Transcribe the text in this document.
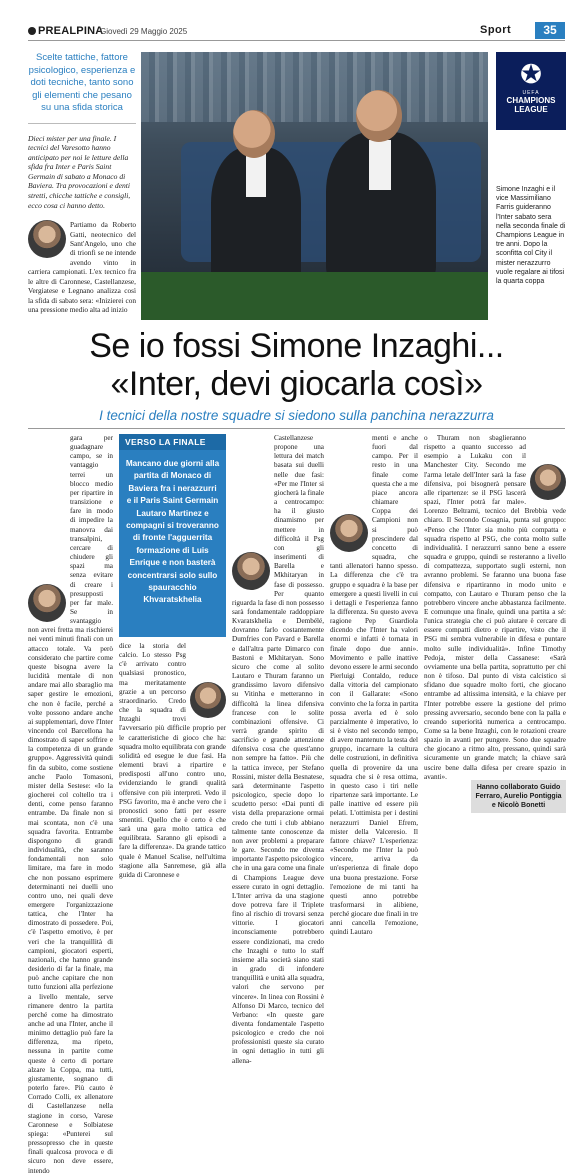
PREALPINA
Giovedì 29 Maggio 2025	Sport	35
Scelte tattiche, fattore psicologico, esperienza e doti tecniche, tanto sono gli elementi che pesano su una sfida storica
Dieci mister per una finale. I tecnici del Varesotto hanno anticipato per noi le letture della sfida fra Inter e Paris Saint Germain di sabato a Monaco di Baviera. Tra provocazioni e denti stretti, chicche tattiche e consigli, ecco cosa ci hanno detto.
Partiamo da Roberto Gatti, neotecnico del Sant'Angelo, uno che di trionfi se ne intende avendo vinto in carriera campionati. L'ex tecnico fra le altre di Caronnese, Castellanzese, Vergiatese e Legnano analizza così la sfida di sabato sera: «Inizierei con una pressione medio alta ad inizio
✪
UEFA
CHAMPIONS
LEAGUE
Simone Inzaghi e il vice Massimiliano Farris guideranno l'Inter sabato sera nella seconda finale di Champions League in tre anni. Dopo la sconfitta col City il mister nerazzurro vuole regalare ai tifosi la quarta coppa
Se io fossi Simone Inzaghi...
«Inter, devi giocarla così»
I tecnici della nostre squadre si siedono sulla panchina nerazzurra
gara per guadagnare campo, se in vantaggio terrei un blocco medio per ripartire in transizione e fare in modo di impedire la manovra dai transalpini, cercare di chiudere gli spazi ma senza evitare di creare i presupposti per far male. Se in svantaggio non avrei fretta ma rischierei nei venti minuti finali con un attacco totale. Va però considerato che partire come queste bisogna avere la lucidità mentale di non andare mai allo sbaraglio ma saper gestire le emozioni, che non è facile, perché a volte possono andare anche ai supplementari, dove l'Inter vincendo col Barcellona ha dimostrato di saper soffrire e la competenza di un grande gruppo». Aggressività quindi fin da subito, come sostiene anche Paolo Tomasoni, mister della Sestese: «Io la giocherei col coltello tra i denti, come penso faranno entrambe. Da finale non si mai scontata, non c'è una squadra favorita. Entrambe dispongono di grandi individualità, che saranno fondamentali non solo limitare, ma fare in modo che non possano esprimere determinanti nei duelli uno contro uno, nei quali deve emergere l'organizzazione tattica, che l'Inter ha dimostrato di possedere. Poi, c'è l'aspetto emotivo, è per veri che la tranquillità di campioni, giocatori esperti, nazionali, che hanno grande desiderio di far la finale, ma può anche capitare che non tutto funzioni alla perfezione a livello mentale, serve rimanere dentro la partita perché come ha dimostrato anche ad una l'Inter, anche il minimo dettaglio può fare la differenza, ma ripeto, nessuna in partite come queste è certo di portare alzare la Coppa, ma tutti, giustamente, sognano di poterlo fare». Più cauto è Corrado Colli, ex allenatore di Castellanzese nella stagione in corso, Varese Caronnese e Solbiatese spiega: «Punterei sul pressopresso che in queste finali qualcosa provoca e di sicuro non deve essere, intendo
VERSO LA FINALE
Mancano due giorni alla partita di Monaco di Baviera fra i nerazzurri e il Paris Saint Germain Lautaro Martinez e compagni si troveranno di fronte l'agguerrita formazione di Luis Enrique e non basterà concentrarsi solo sullo spauracchio Khvaratskhelia
dice la storia del calcio. Lo stesso Psg c'è arrivato contro qualsiasi pronostico, ma meritatamente grazie a un percorso straordinario. Credo che la squadra di Inzaghi trovi l'avversario più difficile proprio per le caratteristiche di gioco che ha: squadra molto equilibrata con grande solidità ed esegue le due fasi. Ha elementi bravi a ripartire e predisposti all'uno contro uno, evidenziando le grandi qualità offensive con più interpreti. Vedo il PSG favorito, ma è anche vero che i pronostici sono fatti per essere smentiti. Quello che è certo è che sarà una gara molto tattica ed equilibrata. Saranno gli episodi a fare la differenza». Da grande tattico quale è Manuel Scalise, nell'ultima stagione alla Sanremese, già alla guida di Caronnese e
Castellanzese propone una lettura dei match basata sui duelli nelle due fasi: «Per me l'Inter si giocherà la finale a centrocampo: ha il giusto dinamismo per mettere in difficoltà il Psg con gli inserimenti di Barella e Mkhitaryan in fase di possesso. Per quanto riguarda la fase di non possesso sarà fondamentale raddoppiare Kvaratskhelia e Dembélé, dovranno farlo costantemente Dumfries con Pavard e Barella e dall'altra parte Dimarco con Bastoni e Mkhitaryan. Sono sicuro che come al solito Lautaro e Thuram faranno un grandissimo lavoro difensivo su Vitinha e metteranno in difficoltà la linea difensiva francese con le solite combinazioni offensive. Ci verrà grande spirito di sacrificio e grande attenzione difensiva cosa che quest'anno non sempre ha fatto». Più che la tattica invece, per Stefano Rossini, mister della Besnatese, sarà determinante l'aspetto psicologico, specie dopo lo scudetto perso: «Dai punti di vista della preparazione ormai credo che tutti i club abbiano talmente tante conoscenze da non aver problemi a preparare le gare. Secondo me diventa importante l'aspetto psicologico che in una gara come una finale di Champions League deve essere curato in ogni dettaglio. L'Inter arriva da una stagione dove potreva fare il Triplete fino al rischio di trovarsi senza vittorie. I giocatori inconsciamente potrebbero essere condizionati, ma credo che Inzaghi e tutto lo staff insieme alla società siano stati in grado di infondere tranquillità e unità alla squadra, valori che servono per vincere». In linea con Rossini è Alfonso Di Marco, tecnico del Verbano: «In queste gare diventa fondamentale l'aspetto psicologico e credo che noi professionisti queste sia curato in ogni dettaglio in tutti gli allena-
menti e anche fuori dal campo. Per il resto in una finale come questa che a me piace ancora chiamare Coppa dei Campioni non si può prescindere dal concetto di squadra, che tanti allenatori hanno spesso. La differenza che c'è tra gruppo e squadra è la base per emergere a questi livelli in cui i dettagli e l'esperienza fanno la differenza. Su questo aveva ragione Pep Guardiola dicendo che l'Inter ha valori enormi e infatti è tornata in finale dopo due anni». Movimento e palle inattive devono essere le armi secondo Pierluigi Contaldo, reduce dalla vittoria del campionato con il Gallarate: «Sono convinto che la forza in partita possa averla ed è solo parzialmente è imperativo, lo si è visto nel secondo tempo, di avere mantenuto la testa del gruppo, incarnare la cultura delle costruzioni, in definitiva quella di provenire da una squadra che si è resa ottima, in questo caso i tiri nelle ripartenze sarà importante. Le palle inattive ed essere più pelati. L'ottimista per i destini nerazzurri Daniel Efrem, mister della Valceresio. Il fattore chiave? L'esperienza: «Secondo me l'Inter la può vincere, arriva da un'esperienza di finale dopo una buona prestazione. Forse l'emozione de mi tanti ha questi anno potrebbe trasformarsi in alibiene, perché giocare due finali in tre anni cancella l'emozione, quindi Lautaro
o Thuram non sbaglieranno rispetto a quanto successo ad esempio a Lukaku con il Manchester City. Secondo me l'arma letale dell'Inter sarà la fase difensiva, poi bisognerà pensare alle ripartenze: se il PSG lascerà spazi, l'Inter potrà far male». Lorenzo Beltrami, tecnico del Brebbia vede chiaro. Il Secondo Cosagnia, punta sul gruppo: «Penso che l'Inter sia molto più compatta e squadra rispetto al PSG, che conta molto sulle individualità. I nerazzurri sanno bene a essere squadra e gruppo, quindi se resteranno a livello di compattezza, supportato sugli esterni, non avranno problemi. Se faranno una buona fase difensiva e ripartiranno in modo unito e compatto, con Lautaro e Thuram penso che la potrebbero vincere anche abbastanza facilmente. E comunque una finale, quindi una partita a sé: l'unica strategia che ci può aiutare è cercare di essere compatti dietro e ripartire, visto che il PSG mi sembra vulnerabile in difesa e puntare molto sulle individualità». Infine Timothy Pedoja, mister della Cassanese: «Sarà ovviamente una bella partita, soprattutto per chi non è tifoso. Dal punto di vista calcistico si sfidano due squadre molto forti, che giocano entrambe ad altissima intensità, e la chiave per l'Inter potrebbe essere la gestione del primo pressing avversario, secondo bene con la palla e creando superiorità numerica a centrocampo. Come sa la bene Inzaghi, con le rotazioni creare spazio in avanti per pungere. Sono due squadre che giocano a ritmo alto, pressano, quindi sarà sicuramente un grande match; la chiave sarà uscire bene dalla difesa per creare spazio in avanti».
Hanno collaborato Guido Ferraro, Aurelio Pontiggia e Nicolò Bonetti
